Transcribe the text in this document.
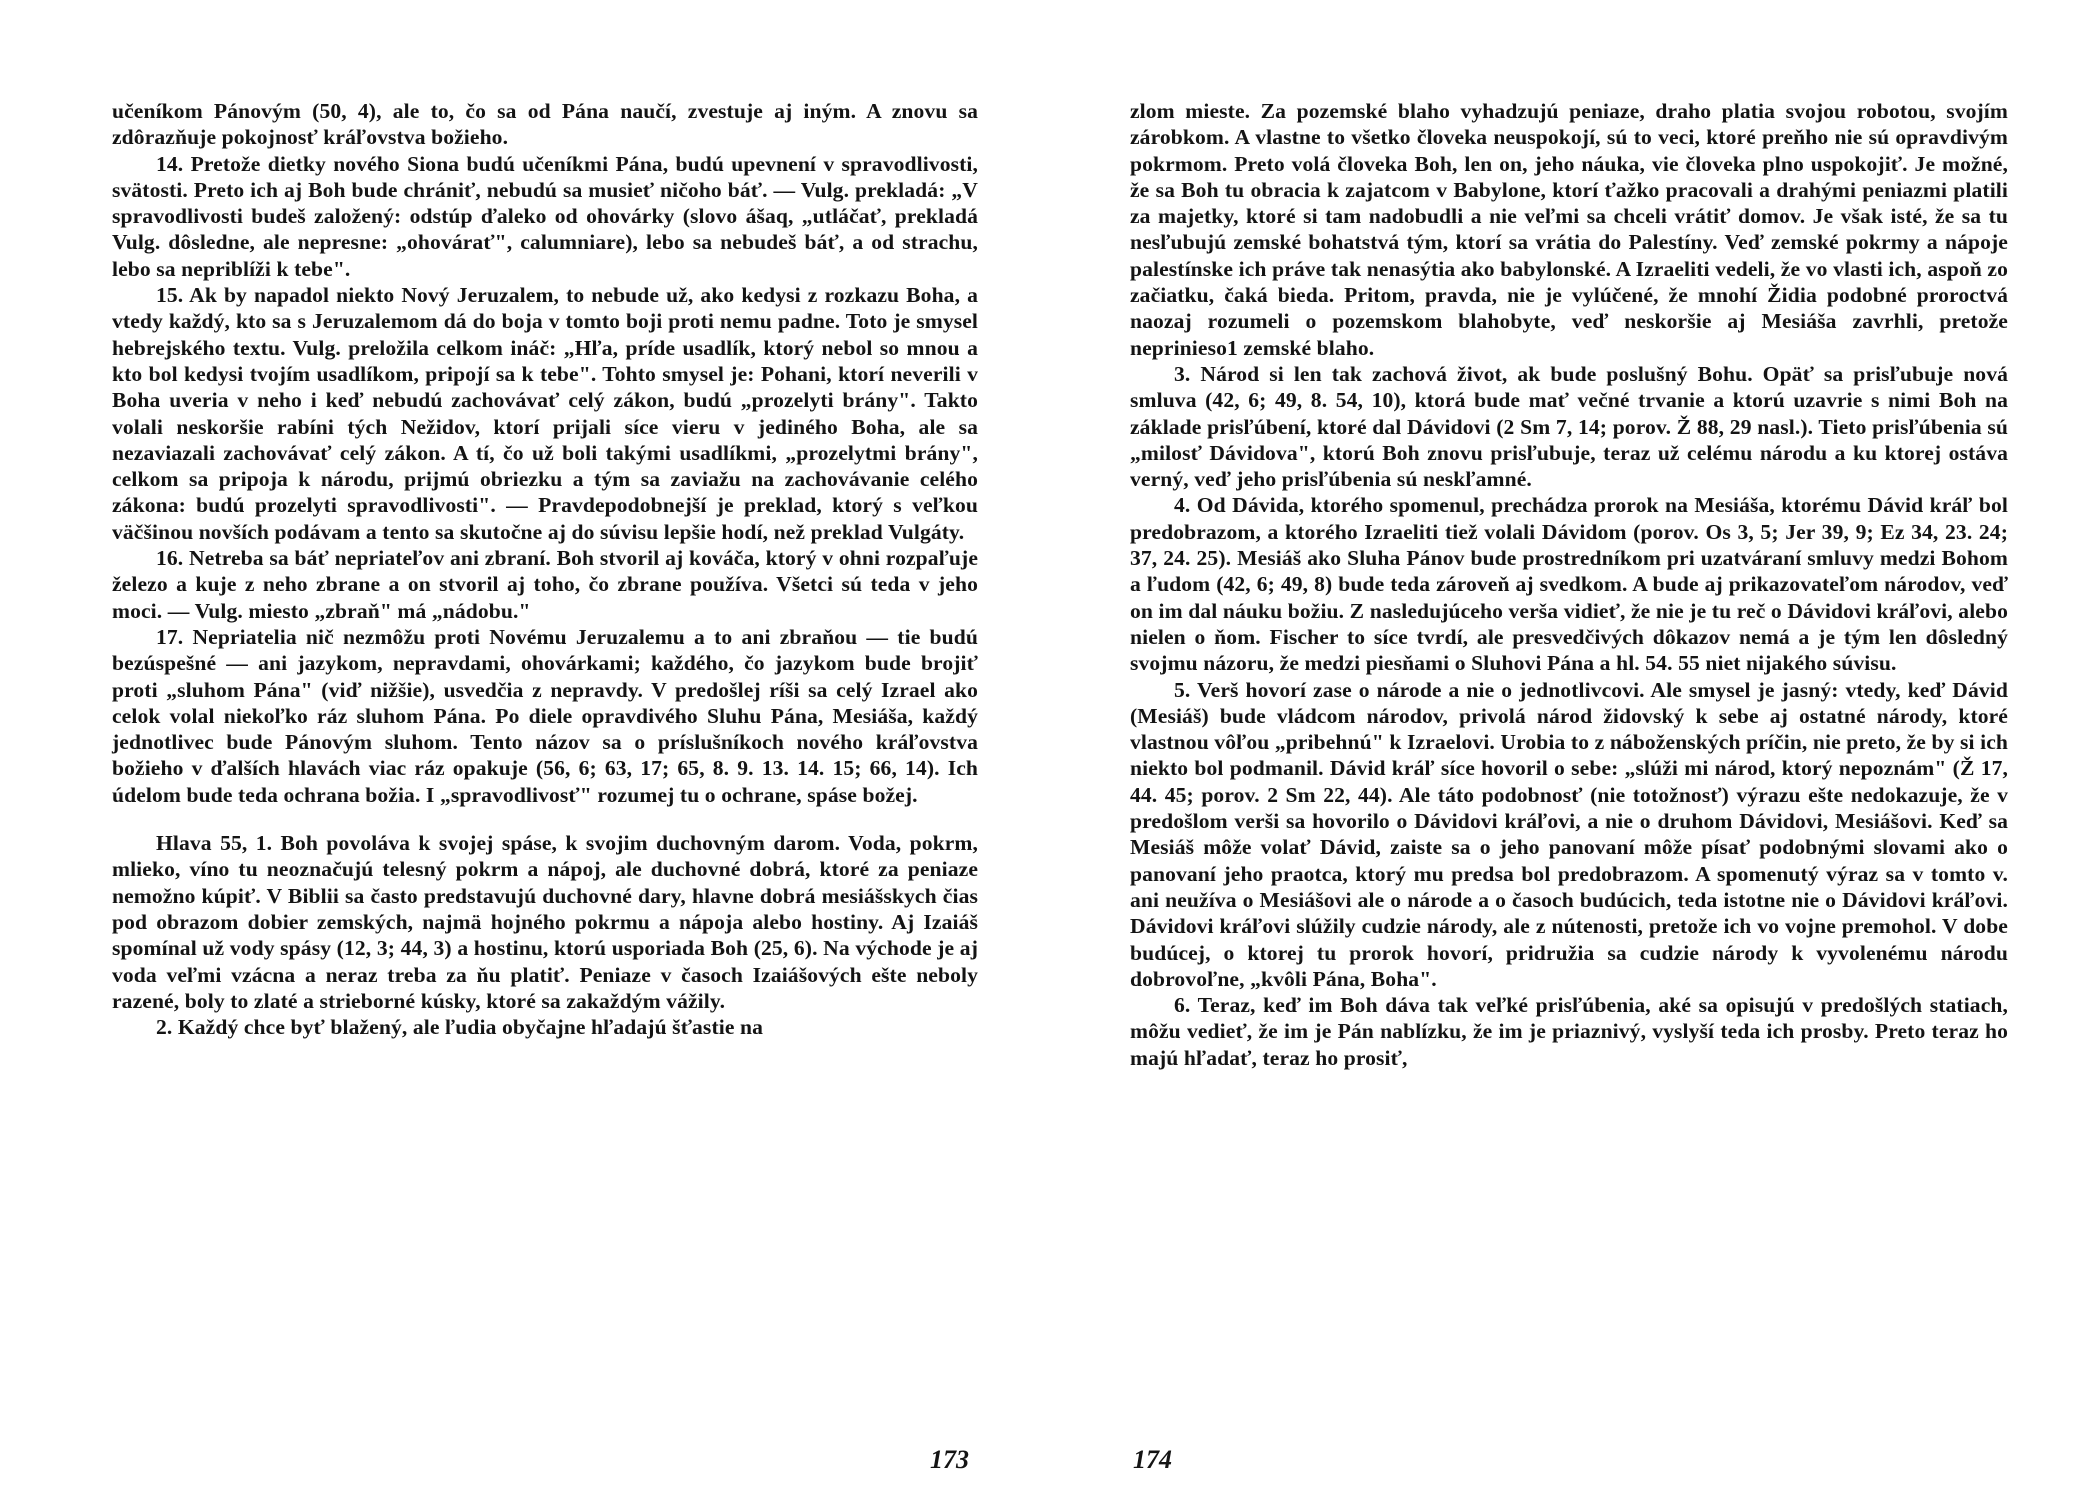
učeníkom Pánovým (50, 4), ale to, čo sa od Pána naučí, zvestuje aj iným. A znovu sa zdôrazňuje pokojnosť kráľovstva božieho.

14. Pretože dietky nového Siona budú učeníkmi Pána, budú upevnení v spravodlivosti, svätosti. Preto ich aj Boh bude chrániť, nebudú sa musieť ničoho báť. — Vulg. prekladá: „V spravodlivosti budeš založený: odstúp ďaleko od ohovárky (slovo ášaq, „utláčať, prekladá Vulg. dôsledne, ale nepresne: „ohovárať", calumniare), lebo sa nebudeš báť, a od strachu, lebo sa nepriblíži k tebe".

15. Ak by napadol niekto Nový Jeruzalem, to nebude už, ako kedysi z rozkazu Boha, a vtedy každý, kto sa s Jeruzalemom dá do boja v tomto boji proti nemu padne. Toto je smysel hebrejského textu. Vulg. preložila celkom ináč: „Hľa, príde usadlík, ktorý nebol so mnou a kto bol kedysi tvojím usadlíkom, pripojí sa k tebe". Tohto smysel je: Pohani, ktorí neverili v Boha uveria v neho i keď nebudú zachovávať celý zákon, budú „prozelyti brány". Takto volali neskoršie rabíni tých Nežidov, ktorí prijali síce vieru v jediného Boha, ale sa nezaviazali zachovávať celý zákon. A tí, čo už boli takými usadlíkmi, „prozelytmi brány", celkom sa pripoja k národu, prijmú obriezku a tým sa zaviažu na zachovávanie celého zákona: budú prozelyti spravodlivosti". — Pravdepodobnejší je preklad, ktorý s veľkou väčšinou novších podávam a tento sa skutočne aj do súvisu lepšie hodí, než preklad Vulgáty.

16. Netreba sa báť nepriateľov ani zbraní. Boh stvoril aj kováča, ktorý v ohni rozpaľuje železo a kuje z neho zbrane a on stvoril aj toho, čo zbrane používa. Všetci sú teda v jeho moci. — Vulg. miesto „zbraň" má „nádobu."

17. Nepriatelia nič nezmôžu proti Novému Jeruzalemu a to ani zbraňou — tie budú bezúspešné — ani jazykom, nepravdami, ohovárkami; každého, čo jazykom bude brojiť proti „sluhom Pána" (viď nižšie), usvedčia z nepravdy. V predošlej ríši sa celý Izrael ako celok volal niekoľko ráz sluhom Pána. Po diele opravdivého Sluhu Pána, Mesiáša, každý jednotlivec bude Pánovým sluhom. Tento názov sa o príslušníkoch nového kráľovstva božieho v ďalších hlavách viac ráz opakuje (56, 6; 63, 17; 65, 8. 9. 13. 14. 15; 66, 14). Ich údelom bude teda ochrana božia. I „spravodlivosť" rozumej tu o ochrane, spáse božej.

Hlava 55, 1. Boh povoláva k svojej spáse, k svojim duchovným darom. Voda, pokrm, mlieko, víno tu neoznačujú telesný pokrm a nápoj, ale duchovné dobrá, ktoré za peniaze nemožno kúpiť. V Biblii sa často predstavujú duchovné dary, hlavne dobrá mesiášskych čias pod obrazom dobier zemských, najmä hojného pokrmu a nápoja alebo hostiny. Aj Izaiáš spomínal už vody spásy (12, 3; 44, 3) a hostinu, ktorú usporiada Boh (25, 6). Na východe je aj voda veľmi vzácna a neraz treba za ňu platiť. Peniaze v časoch Izaiášových ešte neboly razené, boly to zlaté a strieborné kúsky, ktoré sa zakaždým vážily.

2. Každý chce byť blažený, ale ľudia obyčajne hľadajú šťastie na

173

zlom mieste. Za pozemské blaho vyhadzujú peniaze, draho platia svojou robotou, svojím zárobkom. A vlastne to všetko človeka neuspokojí, sú to veci, ktoré preňho nie sú opravdivým pokrmom. Preto volá človeka Boh, len on, jeho náuka, vie človeka plno uspokojiť. Je možné, že sa Boh tu obracia k zajatcom v Babylone, ktorí ťažko pracovali a drahými peniazmi platili za majetky, ktoré si tam nadobudli a nie veľmi sa chceli vrátiť domov. Je však isté, že sa tu nesľubujú zemské bohatstvá tým, ktorí sa vrátia do Palestíny. Veď zemské pokrmy a nápoje palestínske ich práve tak nenasýtia ako babylonské. A Izraeliti vedeli, že vo vlasti ich, aspoň zo začiatku, čaká bieda. Pritom, pravda, nie je vylúčené, že mnohí Židia podobné proroctvá naozaj rozumeli o pozemskom blahobyte, veď neskoršie aj Mesiáša zavrhli, pretože neprinieso1 zemské blaho.

3. Národ si len tak zachová život, ak bude poslušný Bohu. Opäť sa prisľubuje nová smluva (42, 6; 49, 8. 54, 10), ktorá bude mať večné trvanie a ktorú uzavrie s nimi Boh na základe prisľúbení, ktoré dal Dávidovi (2 Sm 7, 14; porov. Ž 88, 29 nasl.). Tieto prisľúbenia sú „milosť Dávidova", ktorú Boh znovu prisľubuje, teraz už celému národu a ku ktorej ostáva verný, veď jeho prisľúbenia sú neskľamné.

4. Od Dávida, ktorého spomenul, prechádza prorok na Mesiáša, ktorému Dávid kráľ bol predobrazom, a ktorého Izraeliti tiež volali Dávidom (porov. Os 3, 5; Jer 39, 9; Ez 34, 23. 24; 37, 24. 25). Mesiáš ako Sluha Pánov bude prostredníkom pri uzatváraní smluvy medzi Bohom a ľudom (42, 6; 49, 8) bude teda zároveň aj svedkom. A bude aj prikazovateľom národov, veď on im dal náuku božiu. Z nasledujúceho verša vidieť, že nie je tu reč o Dávidovi kráľovi, alebo nielen o ňom. Fischer to síce tvrdí, ale presvedčivých dôkazov nemá a je tým len dôsledný svojmu názoru, že medzi piesňami o Sluhovi Pána a hl. 54. 55 niet nijakého súvisu.

5. Verš hovorí zase o národe a nie o jednotlivcovi. Ale smysel je jasný: vtedy, keď Dávid (Mesiáš) bude vládcom národov, privolá národ židovský k sebe aj ostatné národy, ktoré vlastnou vôľou „pribehnú" k Izraelovi. Urobia to z náboženských príčin, nie preto, že by si ich niekto bol podmanil. Dávid kráľ síce hovoril o sebe: „slúži mi národ, ktorý nepoznám" (Ž 17, 44. 45; porov. 2 Sm 22, 44). Ale táto podobnosť (nie totožnosť) výrazu ešte nedokazuje, že v predošlom verši sa hovorilo o Dávidovi kráľovi, a nie o druhom Dávidovi, Mesiášovi. Keď sa Mesiáš môže volať Dávid, zaiste sa o jeho panovaní môže písať podobnými slovami ako o panovaní jeho praotca, ktorý mu predsa bol predobrazom. A spomenutý výraz sa v tomto v. ani neužíva o Mesiášovi ale o národe a o časoch budúcich, teda istotne nie o Dávidovi kráľovi. Dávidovi kráľovi slúžily cudzie národy, ale z nútenosti, pretože ich vo vojne premohol. V dobe budúcej, o ktorej tu prorok hovorí, pridružia sa cudzie národy k vyvolenému národu dobrovoľne, „kvôli Pána, Boha".

6. Teraz, keď im Boh dáva tak veľké prisľúbenia, aké sa opisujú v predošlých statiach, môžu vedieť, že im je Pán nablízku, že im je priaznivý, vyslyší teda ich prosby. Preto teraz ho majú hľadať, teraz ho prosiť,

174
